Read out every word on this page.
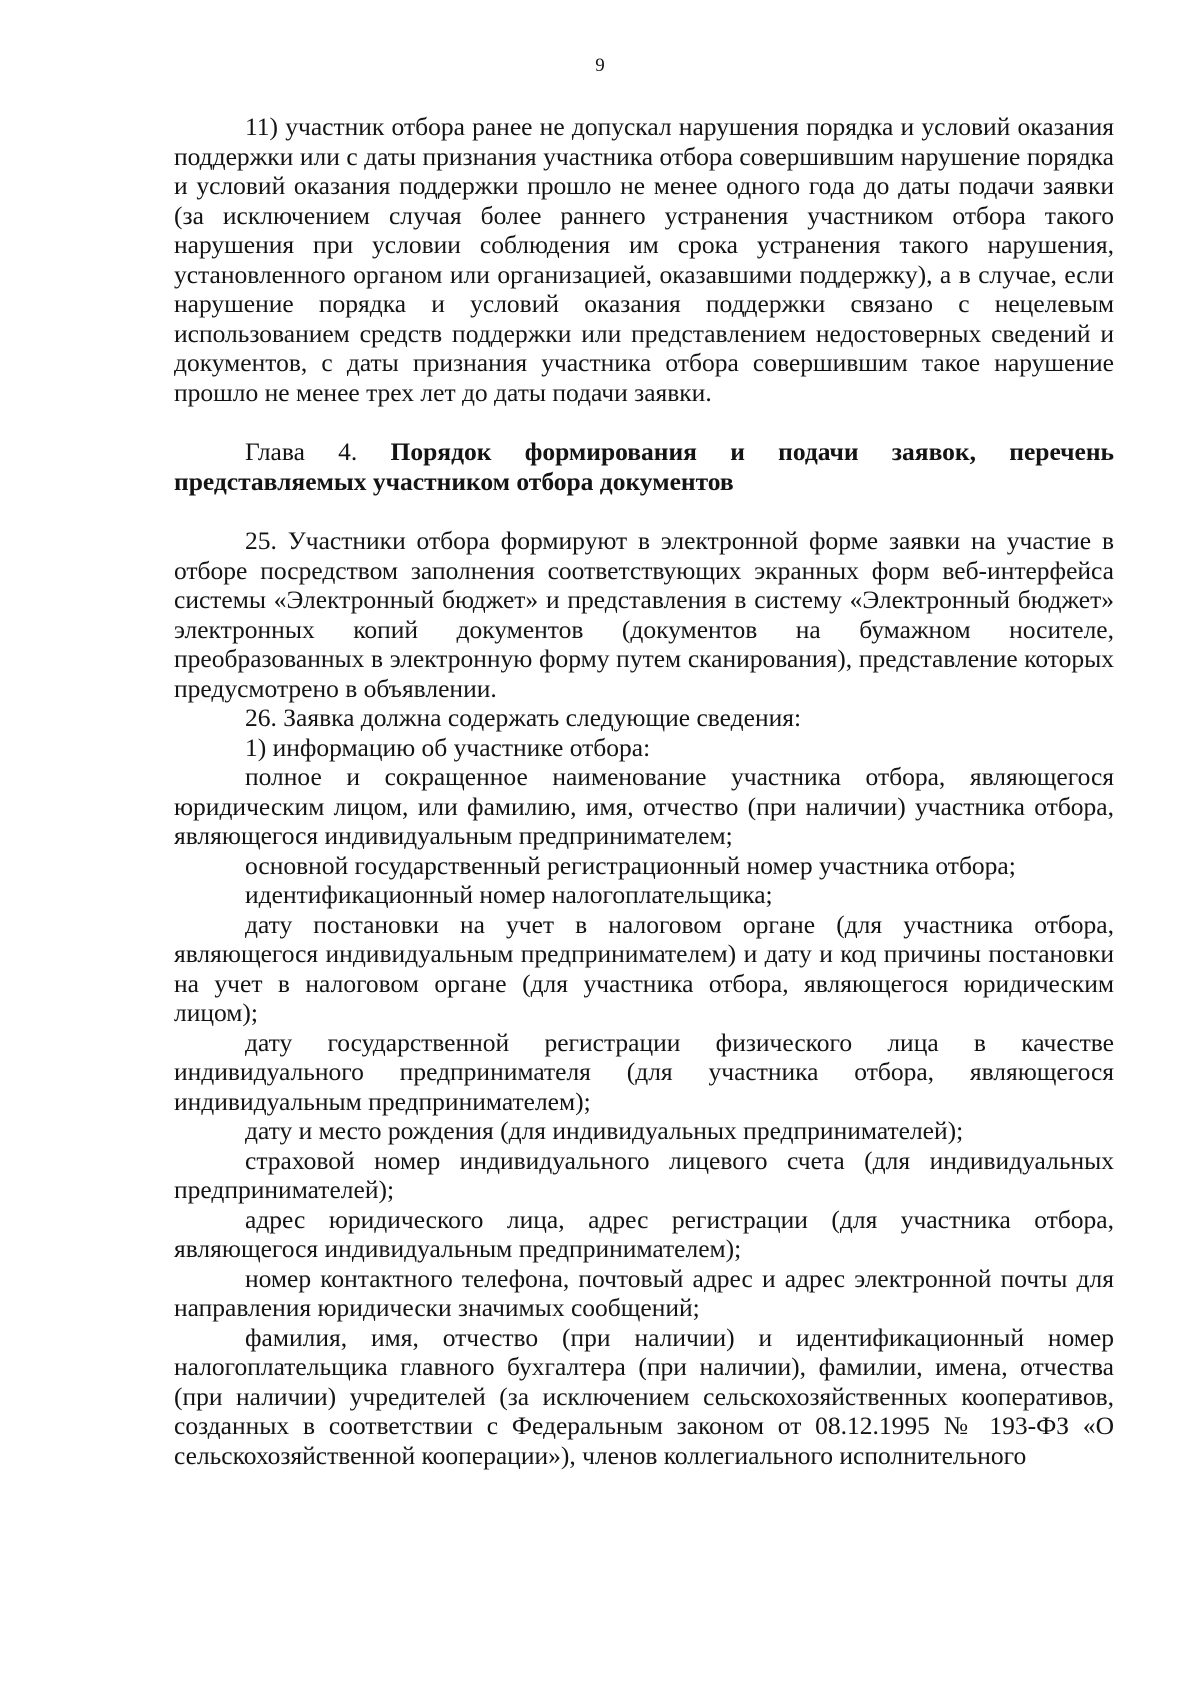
9

11) участник отбора ранее не допускал нарушения порядка и условий оказания поддержки или с даты признания участника отбора совершившим нарушение порядка и условий оказания поддержки прошло не менее одного года до даты подачи заявки (за исключением случая более раннего устранения участником отбора такого нарушения при условии соблюдения им срока устранения такого нарушения, установленного органом или организацией, оказавшими поддержку), а в случае, если нарушение порядка и условий оказания поддержки связано с нецелевым использованием средств поддержки или представлением недостоверных сведений и документов, с даты признания участника отбора совершившим такое нарушение прошло не менее трех лет до даты подачи заявки.

Глава 4. Порядок формирования и подачи заявок, перечень представляемых участником отбора документов

25. Участники отбора формируют в электронной форме заявки на участие в отборе посредством заполнения соответствующих экранных форм веб-интерфейса системы «Электронный бюджет» и представления в систему «Электронный бюджет» электронных копий документов (документов на бумажном носителе, преобразованных в электронную форму путем сканирования), представление которых предусмотрено в объявлении.

26. Заявка должна содержать следующие сведения:

1) информацию об участнике отбора:

полное и сокращенное наименование участника отбора, являющегося юридическим лицом, или фамилию, имя, отчество (при наличии) участника отбора, являющегося индивидуальным предпринимателем;

основной государственный регистрационный номер участника отбора;

идентификационный номер налогоплательщика;

дату постановки на учет в налоговом органе (для участника отбора, являющегося индивидуальным предпринимателем) и дату и код причины постановки на учет в налоговом органе (для участника отбора, являющегося юридическим лицом);

дату государственной регистрации физического лица в качестве индивидуального предпринимателя (для участника отбора, являющегося индивидуальным предпринимателем);

дату и место рождения (для индивидуальных предпринимателей);

страховой номер индивидуального лицевого счета (для индивидуальных предпринимателей);

адрес юридического лица, адрес регистрации (для участника отбора, являющегося индивидуальным предпринимателем);

номер контактного телефона, почтовый адрес и адрес электронной почты для направления юридически значимых сообщений;

фамилия, имя, отчество (при наличии) и идентификационный номер налогоплательщика главного бухгалтера (при наличии), фамилии, имена, отчества (при наличии) учредителей (за исключением сельскохозяйственных кооперативов, созданных в соответствии с Федеральным законом от 08.12.1995 № 193-ФЗ «О сельскохозяйственной кооперации»), членов коллегиального исполнительного
